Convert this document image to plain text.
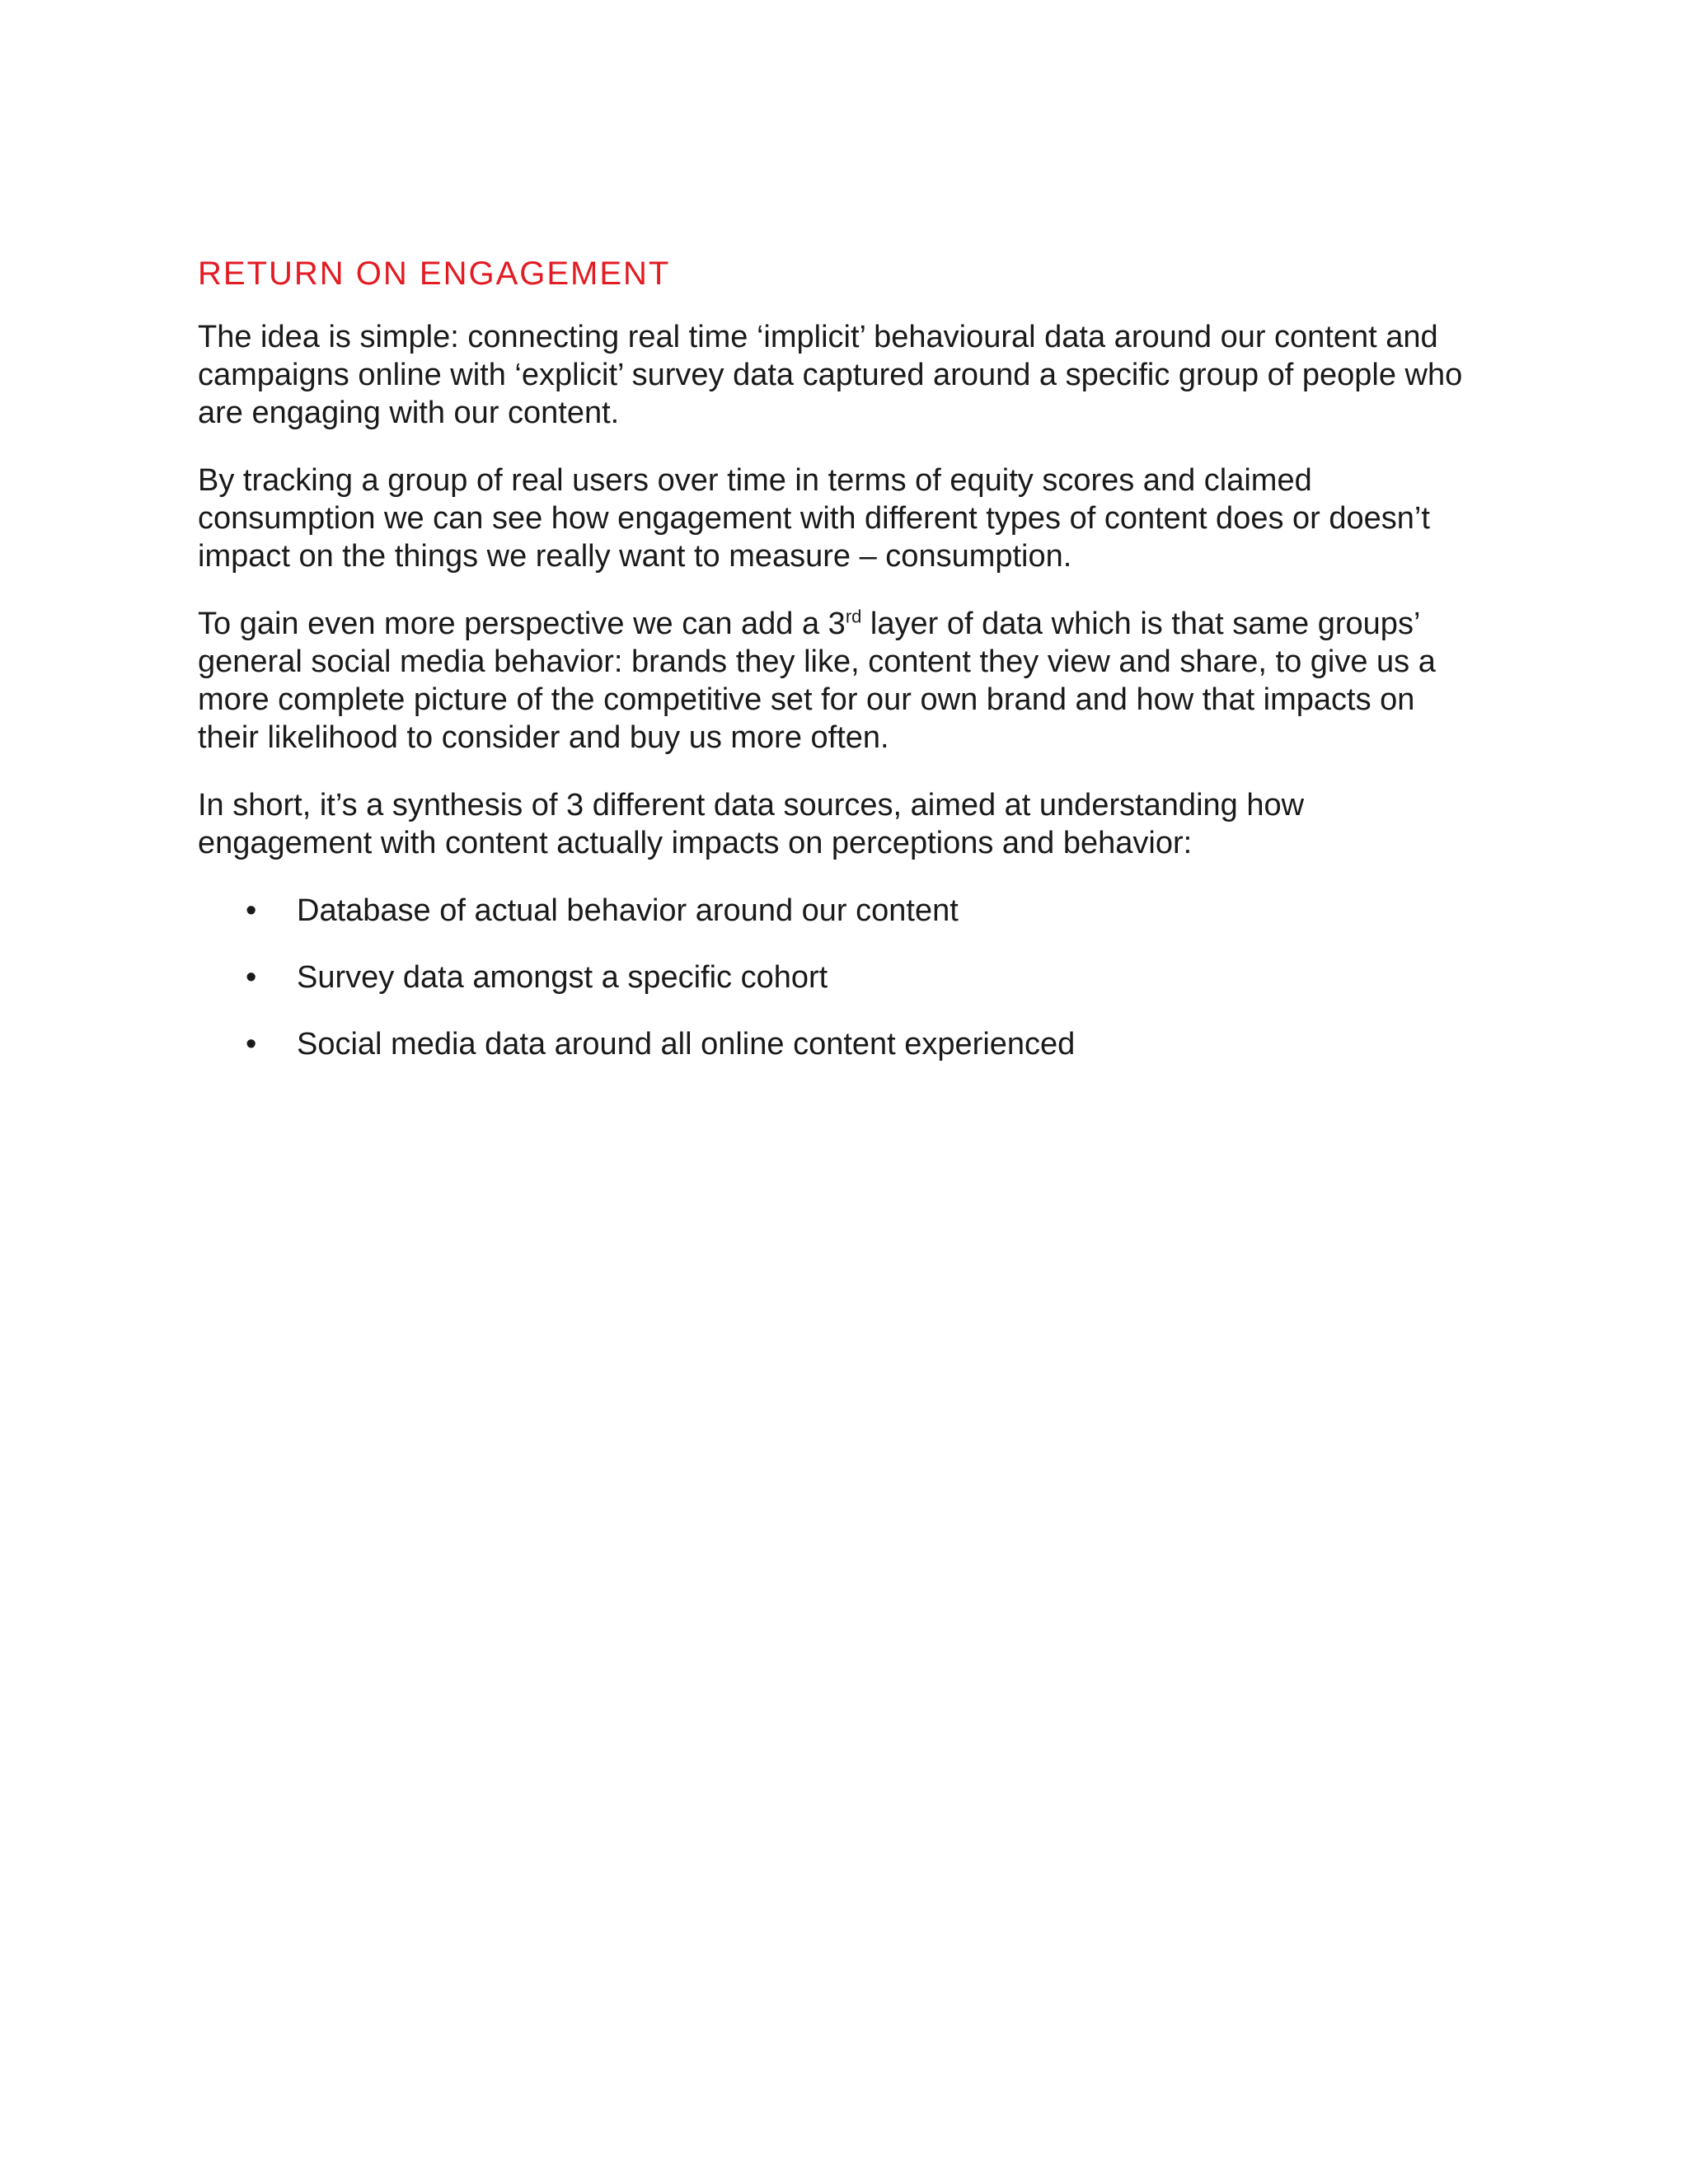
RETURN ON ENGAGEMENT

The idea is simple: connecting real time ‘implicit’ behavioural data around our content and campaigns online with ‘explicit’ survey data captured around a specific group of people who are engaging with our content.

By tracking a group of real users over time in terms of equity scores and claimed consumption we can see how engagement with different types of content does or doesn’t impact on the things we really want to measure – consumption.

To gain even more perspective we can add a 3rd layer of data which is that same groups’ general social media behavior: brands they like, content they view and share, to give us a more complete picture of the competitive set for our own brand and how that impacts on their likelihood to consider and buy us more often.

In short, it’s a synthesis of 3 different data sources, aimed at understanding how engagement with content actually impacts on perceptions and behavior:

• Database of actual behavior around our content
• Survey data amongst a specific cohort
• Social media data around all online content experienced
